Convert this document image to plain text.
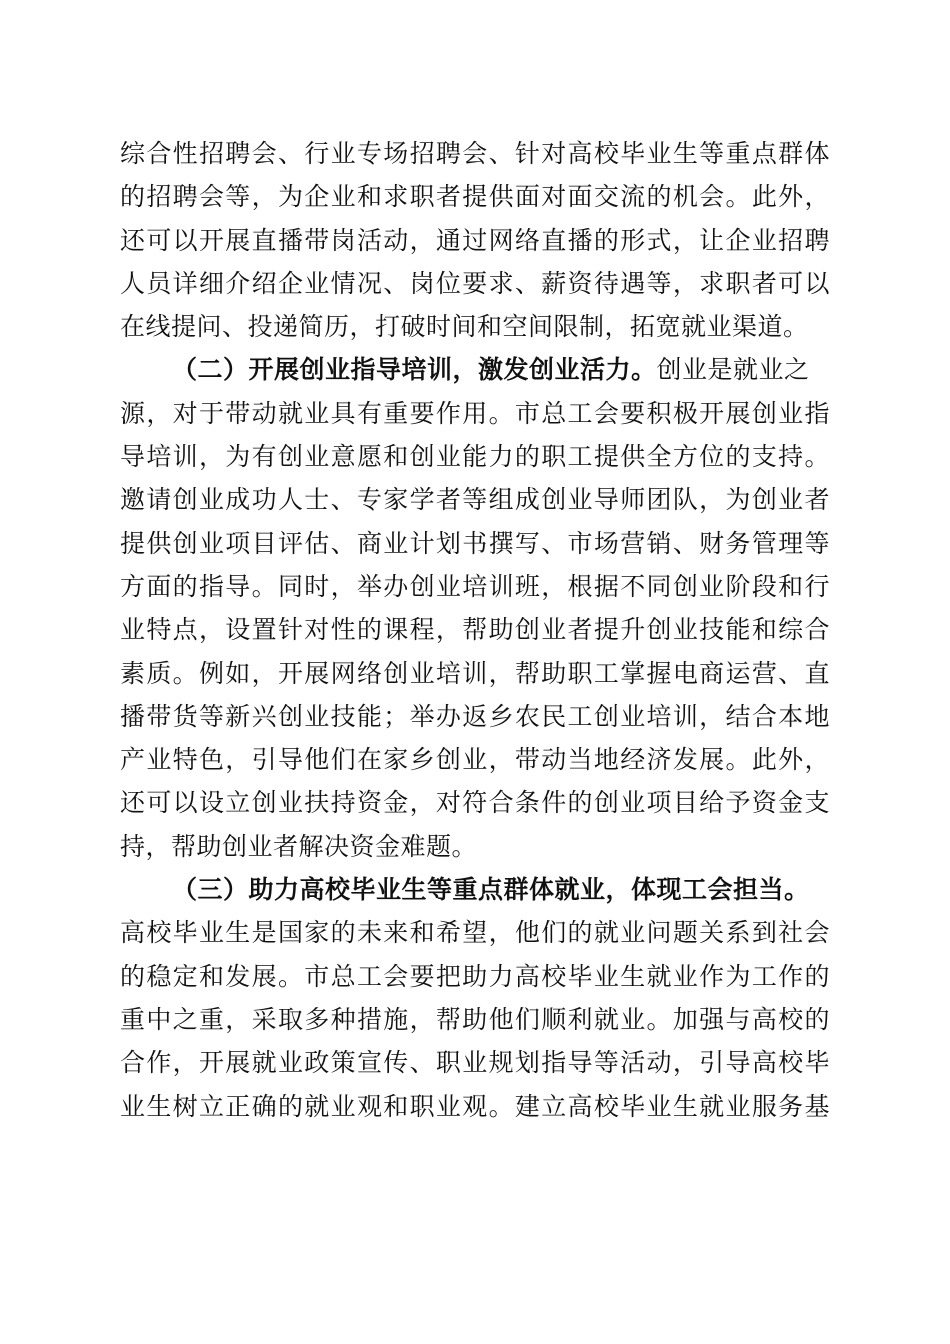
综合性招聘会、行业专场招聘会、针对高校毕业生等重点群体
的招聘会等，为企业和求职者提供面对面交流的机会。此外，
还可以开展直播带岗活动，通过网络直播的形式，让企业招聘
人员详细介绍企业情况、岗位要求、薪资待遇等，求职者可以
在线提问、投递简历，打破时间和空间限制，拓宽就业渠道。
（二）开展创业指导培训，激发创业活力。创业是就业之
源，对于带动就业具有重要作用。市总工会要积极开展创业指
导培训，为有创业意愿和创业能力的职工提供全方位的支持。
邀请创业成功人士、专家学者等组成创业导师团队，为创业者
提供创业项目评估、商业计划书撰写、市场营销、财务管理等
方面的指导。同时，举办创业培训班，根据不同创业阶段和行
业特点，设置针对性的课程，帮助创业者提升创业技能和综合
素质。例如，开展网络创业培训，帮助职工掌握电商运营、直
播带货等新兴创业技能；举办返乡农民工创业培训，结合本地
产业特色，引导他们在家乡创业，带动当地经济发展。此外，
还可以设立创业扶持资金，对符合条件的创业项目给予资金支
持，帮助创业者解决资金难题。
（三）助力高校毕业生等重点群体就业，体现工会担当。
高校毕业生是国家的未来和希望，他们的就业问题关系到社会
的稳定和发展。市总工会要把助力高校毕业生就业作为工作的
重中之重，采取多种措施，帮助他们顺利就业。加强与高校的
合作，开展就业政策宣传、职业规划指导等活动，引导高校毕
业生树立正确的就业观和职业观。建立高校毕业生就业服务基
